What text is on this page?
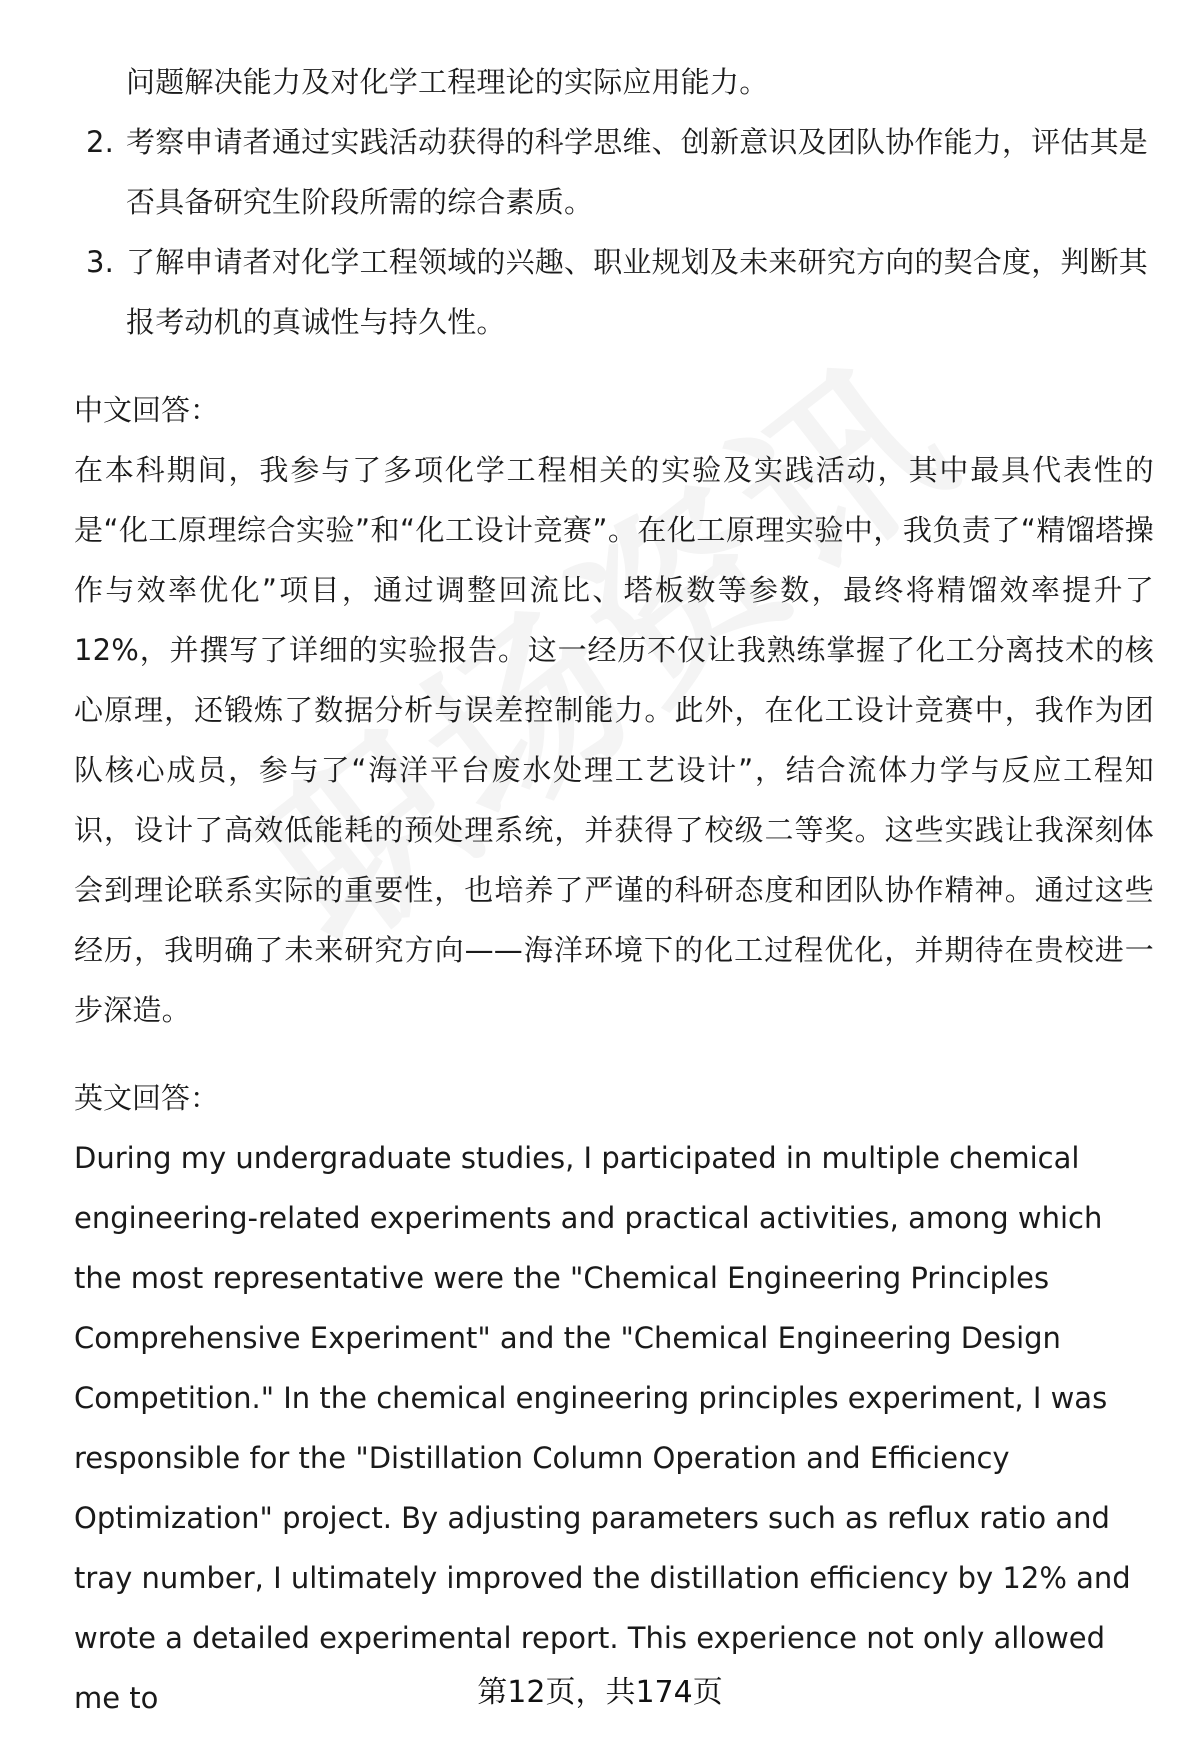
问题解决能力及对化学工程理论的实际应用能力。

2. 考察申请者通过实践活动获得的科学思维、创新意识及团队协作能力，评估其是否具备研究生阶段所需的综合素质。
3. 了解申请者对化学工程领域的兴趣、职业规划及未来研究方向的契合度，判断其报考动机的真诚性与持久性。
中文回答：

在本科期间，我参与了多项化学工程相关的实验及实践活动，其中最具代表性的是“化工原理综合实验”和“化工设计竞赛”。在化工原理实验中，我负责了“精馏塔操作与效率优化”项目，通过调整回流比、塔板数等参数，最终将精馏效率提升了12%，并撰写了详细的实验报告。这一经历不仅让我熟练掌握了化工分离技术的核心原理，还锻炼了数据分析与误差控制能力。此外，在化工设计竞赛中，我作为团队核心成员，参与了“海洋平台废水处理工艺设计”，结合流体力学与反应工程知识，设计了高效低能耗的预处理系统，并获得了校级二等奖。这些实践让我深刻体会到理论联系实际的重要性，也培养了严谨的科研态度和团队协作精神。通过这些经历，我明确了未来研究方向——海洋环境下的化工过程优化，并期待在贵校进一步深造。

英文回答：

During my undergraduate studies, I participated in multiple chemical engineering-related experiments and practical activities, among which the most representative were the "Chemical Engineering Principles Comprehensive Experiment" and the "Chemical Engineering Design Competition." In the chemical engineering principles experiment, I was responsible for the "Distillation Column Operation and Efficiency Optimization" project. By adjusting parameters such as reflux ratio and tray number, I ultimately improved the distillation efficiency by 12% and wrote a detailed experimental report. This experience not only allowed me to	第12页，共174页
